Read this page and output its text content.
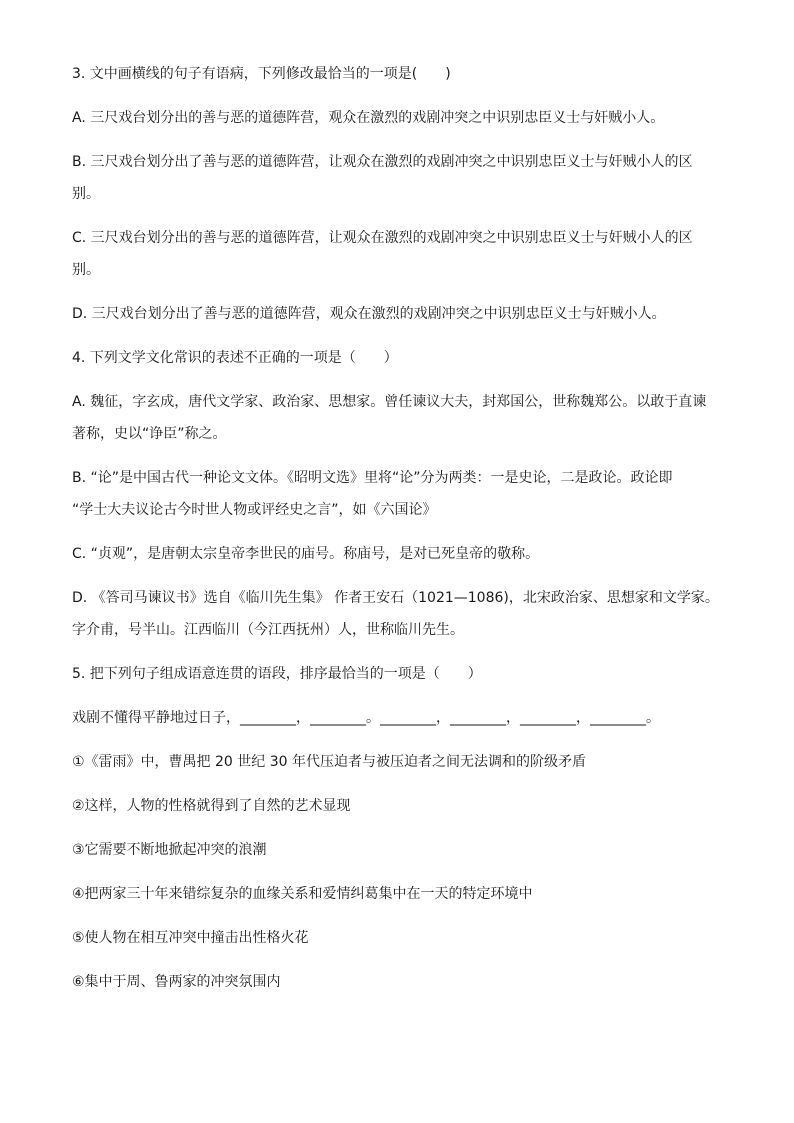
3. 文中画横线的句子有语病，下列修改最恰当的一项是(　　)
A. 三尺戏台划分出的善与恶的道德阵营，观众在激烈的戏剧冲突之中识别忠臣义士与奸贼小人。
B. 三尺戏台划分出了善与恶的道德阵营，让观众在激烈的戏剧冲突之中识别忠臣义士与奸贼小人的区
别。
C. 三尺戏台划分出的善与恶的道德阵营，让观众在激烈的戏剧冲突之中识别忠臣义士与奸贼小人的区
别。
D. 三尺戏台划分出了善与恶的道德阵营，观众在激烈的戏剧冲突之中识别忠臣义士与奸贼小人。
4. 下列文学文化常识的表述不正确的一项是（　　）
A. 魏征，字玄成，唐代文学家、政治家、思想家。曾任谏议大夫，封郑国公，世称魏郑公。以敢于直谏
著称，史以“诤臣”称之。
B. “论”是中国古代一种论文文体。《昭明文选》里将“论”分为两类：一是史论，二是政论。政论即
“学士大夫议论古今时世人物或评经史之言”，如《六国论》
C. “贞观”，是唐朝太宗皇帝李世民的庙号。称庙号，是对已死皇帝的敬称。
D. 《答司马谏议书》选自《临川先生集》 作者王安石（1021—1086)，北宋政治家、思想家和文学家。
字介甫，号半山。江西临川（今江西抚州）人，世称临川先生。
5. 把下列句子组成语意连贯的语段，排序最恰当的一项是（　　）
戏剧不懂得平静地过日子，________，________。________，________，________，________。
①《雷雨》中，曹禺把 20 世纪 30 年代压迫者与被压迫者之间无法调和的阶级矛盾
②这样，人物的性格就得到了自然的艺术显现
③它需要不断地掀起冲突的浪潮
④把两家三十年来错综复杂的血缘关系和爱情纠葛集中在一天的特定环境中
⑤使人物在相互冲突中撞击出性格火花
⑥集中于周、鲁两家的冲突氛围内
